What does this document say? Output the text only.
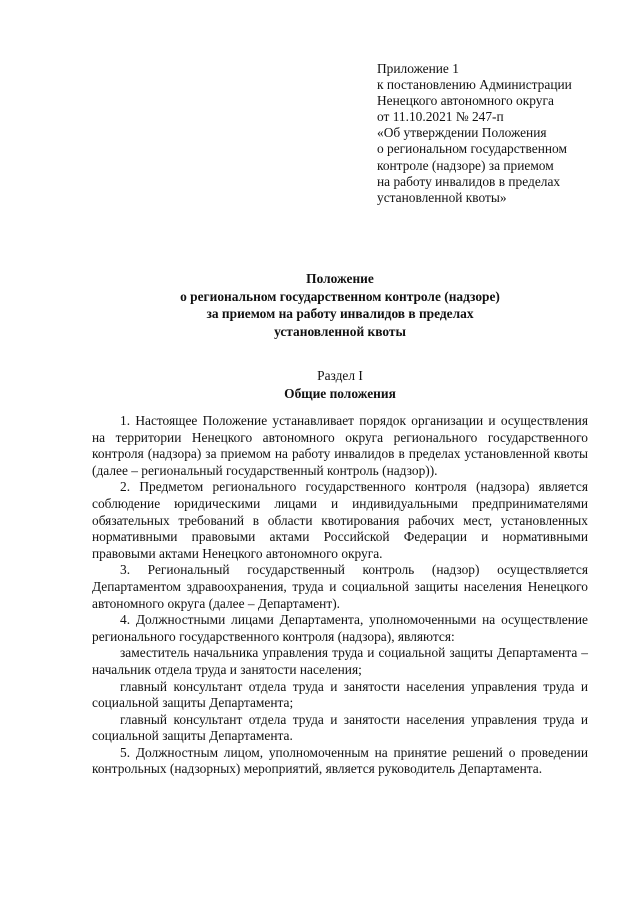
Приложение 1
к постановлению Администрации
Ненецкого автономного округа
от 11.10.2021 № 247-п
«Об утверждении Положения
о региональном государственном
контроле (надзоре) за приемом
на работу инвалидов в пределах
установленной квоты»
Положение
о региональном государственном контроле (надзоре)
за приемом на работу инвалидов в пределах
установленной квоты
Раздел I
Общие положения

1. Настоящее Положение устанавливает порядок организации и осуществления на территории Ненецкого автономного округа регионального государственного контроля (надзора) за приемом на работу инвалидов в пределах установленной квоты (далее – региональный государственный контроль (надзор)).

2. Предметом регионального государственного контроля (надзора) является соблюдение юридическими лицами и индивидуальными предпринимателями обязательных требований в области квотирования рабочих мест, установленных нормативными правовыми актами Российской Федерации и нормативными правовыми актами Ненецкого автономного округа.

3. Региональный государственный контроль (надзор) осуществляется Департаментом здравоохранения, труда и социальной защиты населения Ненецкого автономного округа (далее – Департамент).

4. Должностными лицами Департамента, уполномоченными на осуществление регионального государственного контроля (надзора), являются:

заместитель начальника управления труда и социальной защиты Департамента – начальник отдела труда и занятости населения;

главный консультант отдела труда и занятости населения управления труда и социальной защиты Департамента;

главный консультант отдела труда и занятости населения управления труда и социальной защиты Департамента.

5. Должностным лицом, уполномоченным на принятие решений о проведении контрольных (надзорных) мероприятий, является руководитель Департамента.
